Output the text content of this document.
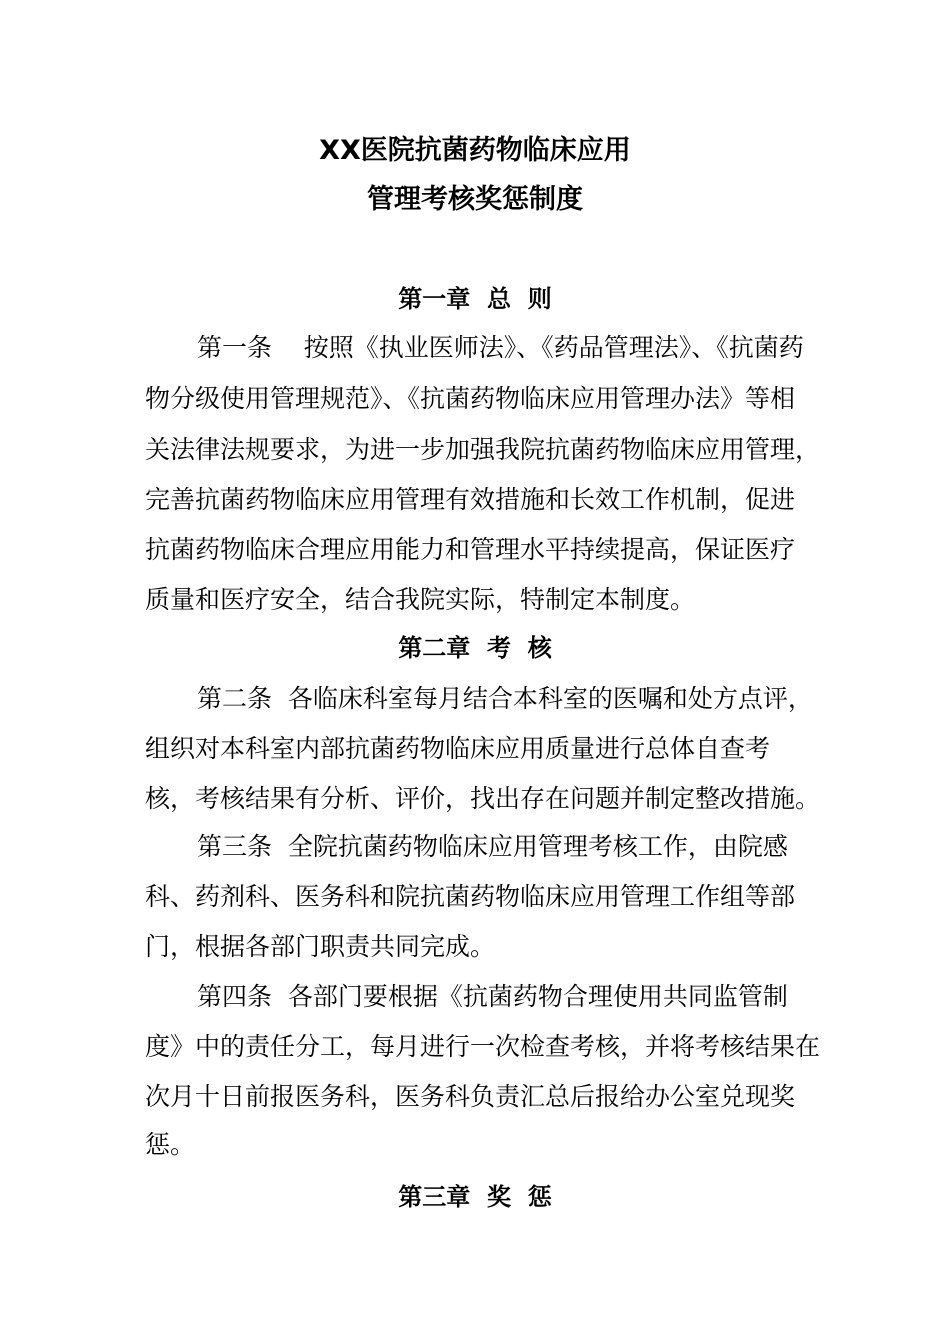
XX医院抗菌药物临床应用
管理考核奖惩制度
第一章  总  则
第一条    按照《执业医师法》、《药品管理法》、《抗菌药
物分级使用管理规范》、《抗菌药物临床应用管理办法》等相
关法律法规要求，为进一步加强我院抗菌药物临床应用管理，
完善抗菌药物临床应用管理有效措施和长效工作机制，促进
抗菌药物临床合理应用能力和管理水平持续提高，保证医疗
质量和医疗安全，结合我院实际，特制定本制度。
第二章  考  核
第二条  各临床科室每月结合本科室的医嘱和处方点评，
组织对本科室内部抗菌药物临床应用质量进行总体自查考
核，考核结果有分析、评价，找出存在问题并制定整改措施。
第三条  全院抗菌药物临床应用管理考核工作，由院感
科、药剂科、医务科和院抗菌药物临床应用管理工作组等部
门，根据各部门职责共同完成。
第四条  各部门要根据《抗菌药物合理使用共同监管制
度》中的责任分工，每月进行一次检查考核，并将考核结果在
次月十日前报医务科，医务科负责汇总后报给办公室兑现奖
惩。
第三章  奖  惩
